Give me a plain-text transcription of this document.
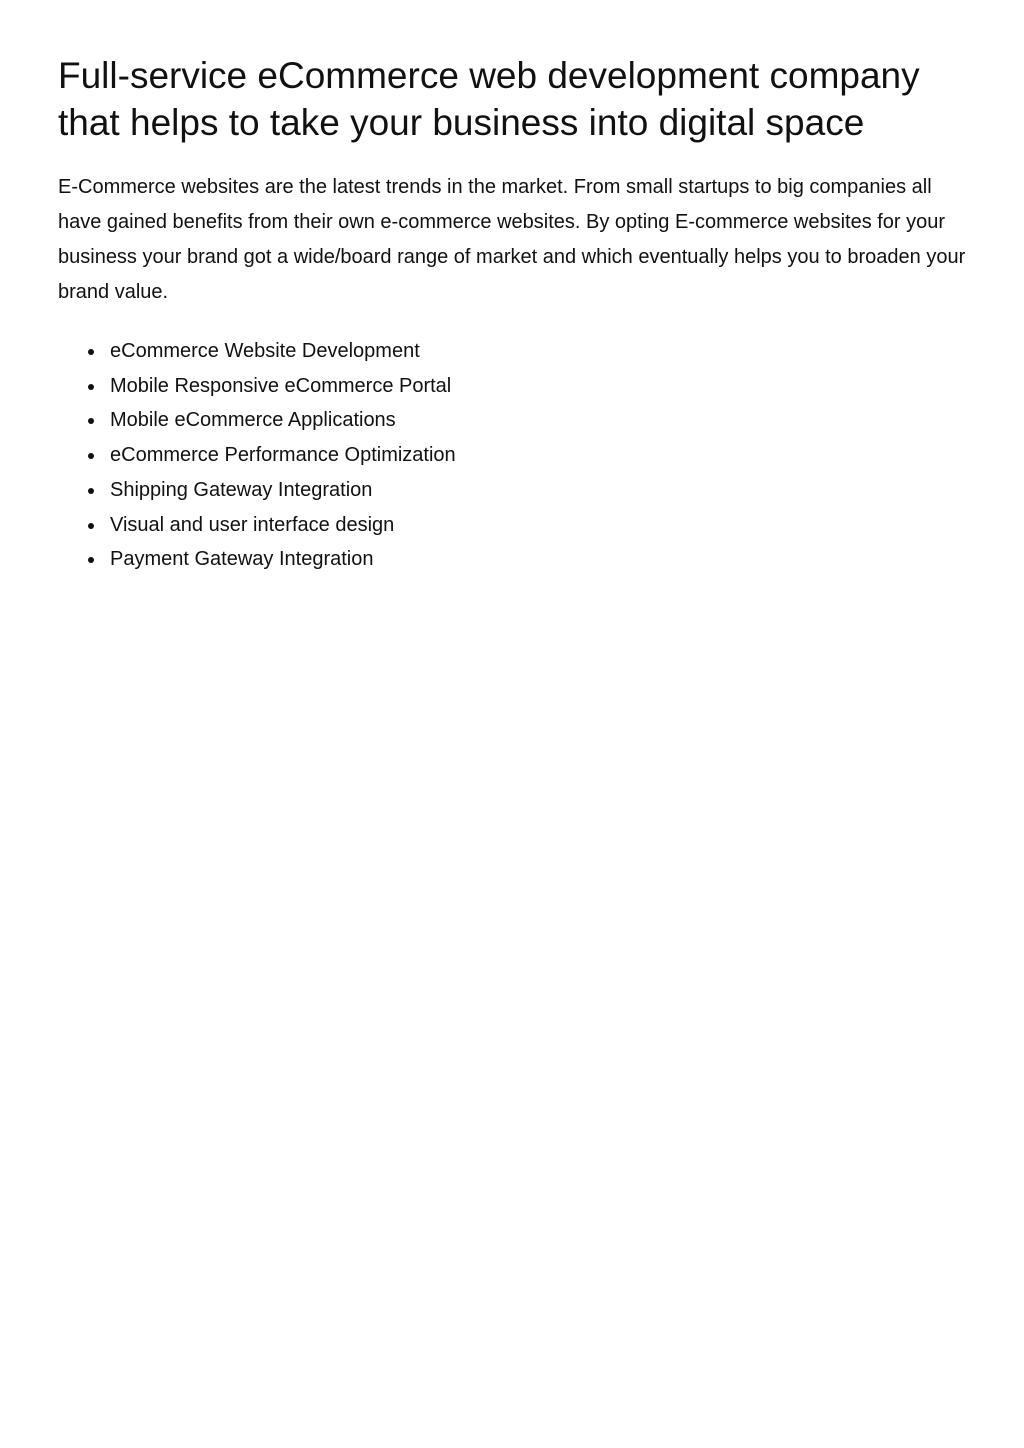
Full-service eCommerce web development company that helps to take your business into digital space

E-Commerce websites are the latest trends in the market. From small startups to big companies all have gained benefits from their own e-commerce websites. By opting E-commerce websites for your business your brand got a wide/board range of market and which eventually helps you to broaden your brand value.

eCommerce Website Development
Mobile Responsive eCommerce Portal
Mobile eCommerce Applications
eCommerce Performance Optimization
Shipping Gateway Integration
Visual and user interface design
Payment Gateway Integration
